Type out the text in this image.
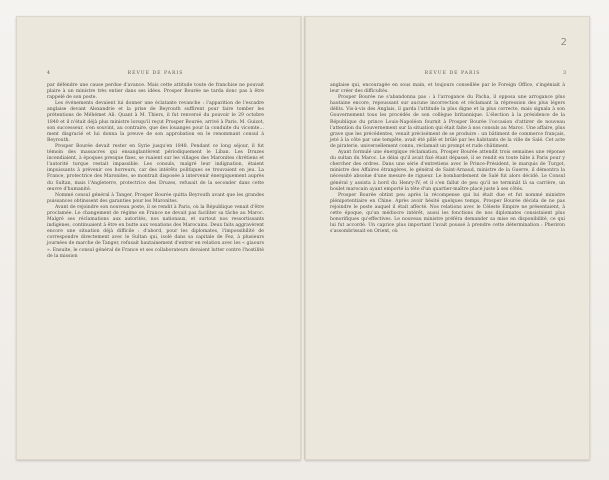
4	REVUE DE PARIS

par défendre une cause perdue d'avance. Mais cette attitude toute de franchise ne pouvait plaire à un ministre très entier dans ses idées. Prosper Bourée ne tarda donc pas à être rappelé de son poste.

Les événements devaient lui donner une éclatante revanche : l'apparition de l'escadre anglaise devant Alexandrie et la prise de Beyrouth suffirent pour faire tomber les prétentions de Méhémet Ali. Quant à M. Thiers, il fut renversé du pouvoir le 29 octobre 1840 et il n'était déjà plus ministre lorsqu'il reçut Prosper Bourée, arrivé à Paris. M. Guizot, son successeur, s'en souvint, au contraire, que des louanges pour la conduite du vicomte…ment disgracié et lui donna la preuve de son approbation en le renommant consul à Beyrouth.

Prosper Bourée devait rester en Syrie jusqu'en 1848. Pendant ce long séjour, il fut témoin des massacres qui ensanglantèrent périodiquement le Liban. Les Druzes incendiaient, à époques presque fixes, se ruaient sur les villages des Maronites chrétiens et l'autorité turque restait impassible. Les consuls, malgré leur indignation, étaient impuissants à prévenir ces horreurs, car des intérêts politiques se trouvaient en jeu. La France, protectrice des Maronites, se montrait disposée à intervenir énergiquement auprès du Sultan, mais l'Angleterre, protectrice des Druzes, refusait de la seconder dans cette œuvre d'humanité.

Nommé consul général à Tanger, Prosper Bourée quitta Beyrouth avant que les grandes puissances obtinssent des garanties pour les Maronites.

Avant de rejoindre son nouveau poste, il se rendit à Paris, où la République venait d'être proclamée. Le changement de régime en France ne devait pas faciliter sa tâche au Maroc. Malgré ses réclamations aux autorités, nos nationaux, et surtout nos ressortissants indigènes, continuaient à être en butte aux vexations des Marocains. Deux faits aggravèrent encore une situation déjà difficile : d'abord, pour les diplomates, l'impossibilité de correspondre directement avec le Sultan qui, isolé dans sa capitale de Fez, à plusieurs journées de marche de Tanger, refusait hautainement d'entrer en relation avec les « giaours ». Ensuite, le consul général de France et ses collaborateurs devaient lutter contre l'hostilité de la mission

2
REVUE DE PARIS	3

anglaise qui, encouragée en sous main, et toujours conseillée par le Foreign Office, s'ingéniait à leur créer des difficultés.

Prosper Bourée ne s'abandonna pas : à l'arrogance du Pacha, il opposa une arrogance plus hautaine encore, repoussant sur aucune incorrection et réclamant la répression des plus légers délits. Vis-à-vis des Anglais, il garda l'attitude la plus digne et la plus correcte, mais signala à son Gouvernement tous les procédés de son collègue britannique. L'élection à la présidence de la République du prince Louis-Napoléon fournit à Prosper Bourée l'occasion d'attirer de nouveau l'attention du Gouvernement sur la situation qui était faite à nos consuls au Maroc. Une affaire, plus grave que les précédentes, venait précisément de se produire : un bâtiment de commerce français, jeté à la côte par une tempête, avait été pillé et brûlé par les habitants de la ville de Salé. Cet acte de piraterie, universellement connu, réclamait un prompt et rude châtiment.

Ayant formulé une énergique réclamation, Prosper Bourée attendit trois semaines une réponse du sultan du Maroc. Le délai qu'il avait fixé étant dépassé, il se rendit en toute hâte à Paris pour y chercher des ordres. Dans une série d'entretiens avec le Prince-Président, le marquis de Turgot, ministre des Affaires étrangères, le général de Saint-Arnaud, ministre de la Guerre, il démontra la nécessité absolue d'une mesure de rigueur. Le bombardement de Salé fut alors décidé. Le Consul général y assista à bord du Henry-IV, et il s'en fallut de peu qu'il ne terminât là sa carrière, un boulet marocain ayant emporté la tête d'un quartier-maître placé juste à ses côtés.

Prosper Bourée obtint peu après la récompense qui lui était due et fut nommé ministre plénipotentiaire en Chine. Après avoir hésité quelques temps, Prosper Bourée décida de ne pas rejoindre le poste auquel il était affecté. Nos relations avec le Céleste Empire ne présentaient, à cette époque, qu'un médiocre intérêt, aussi les fonctions de nos diplomates consistaient plus honorifiques qu'effectives. Le nouveau ministre préféra demander sa mise en disponibilité, ce qui lui fut accordé. Un caprice plus important l'avait poussé à prendre cette détermination : Pheriron s'assombrissait en Orient, où
